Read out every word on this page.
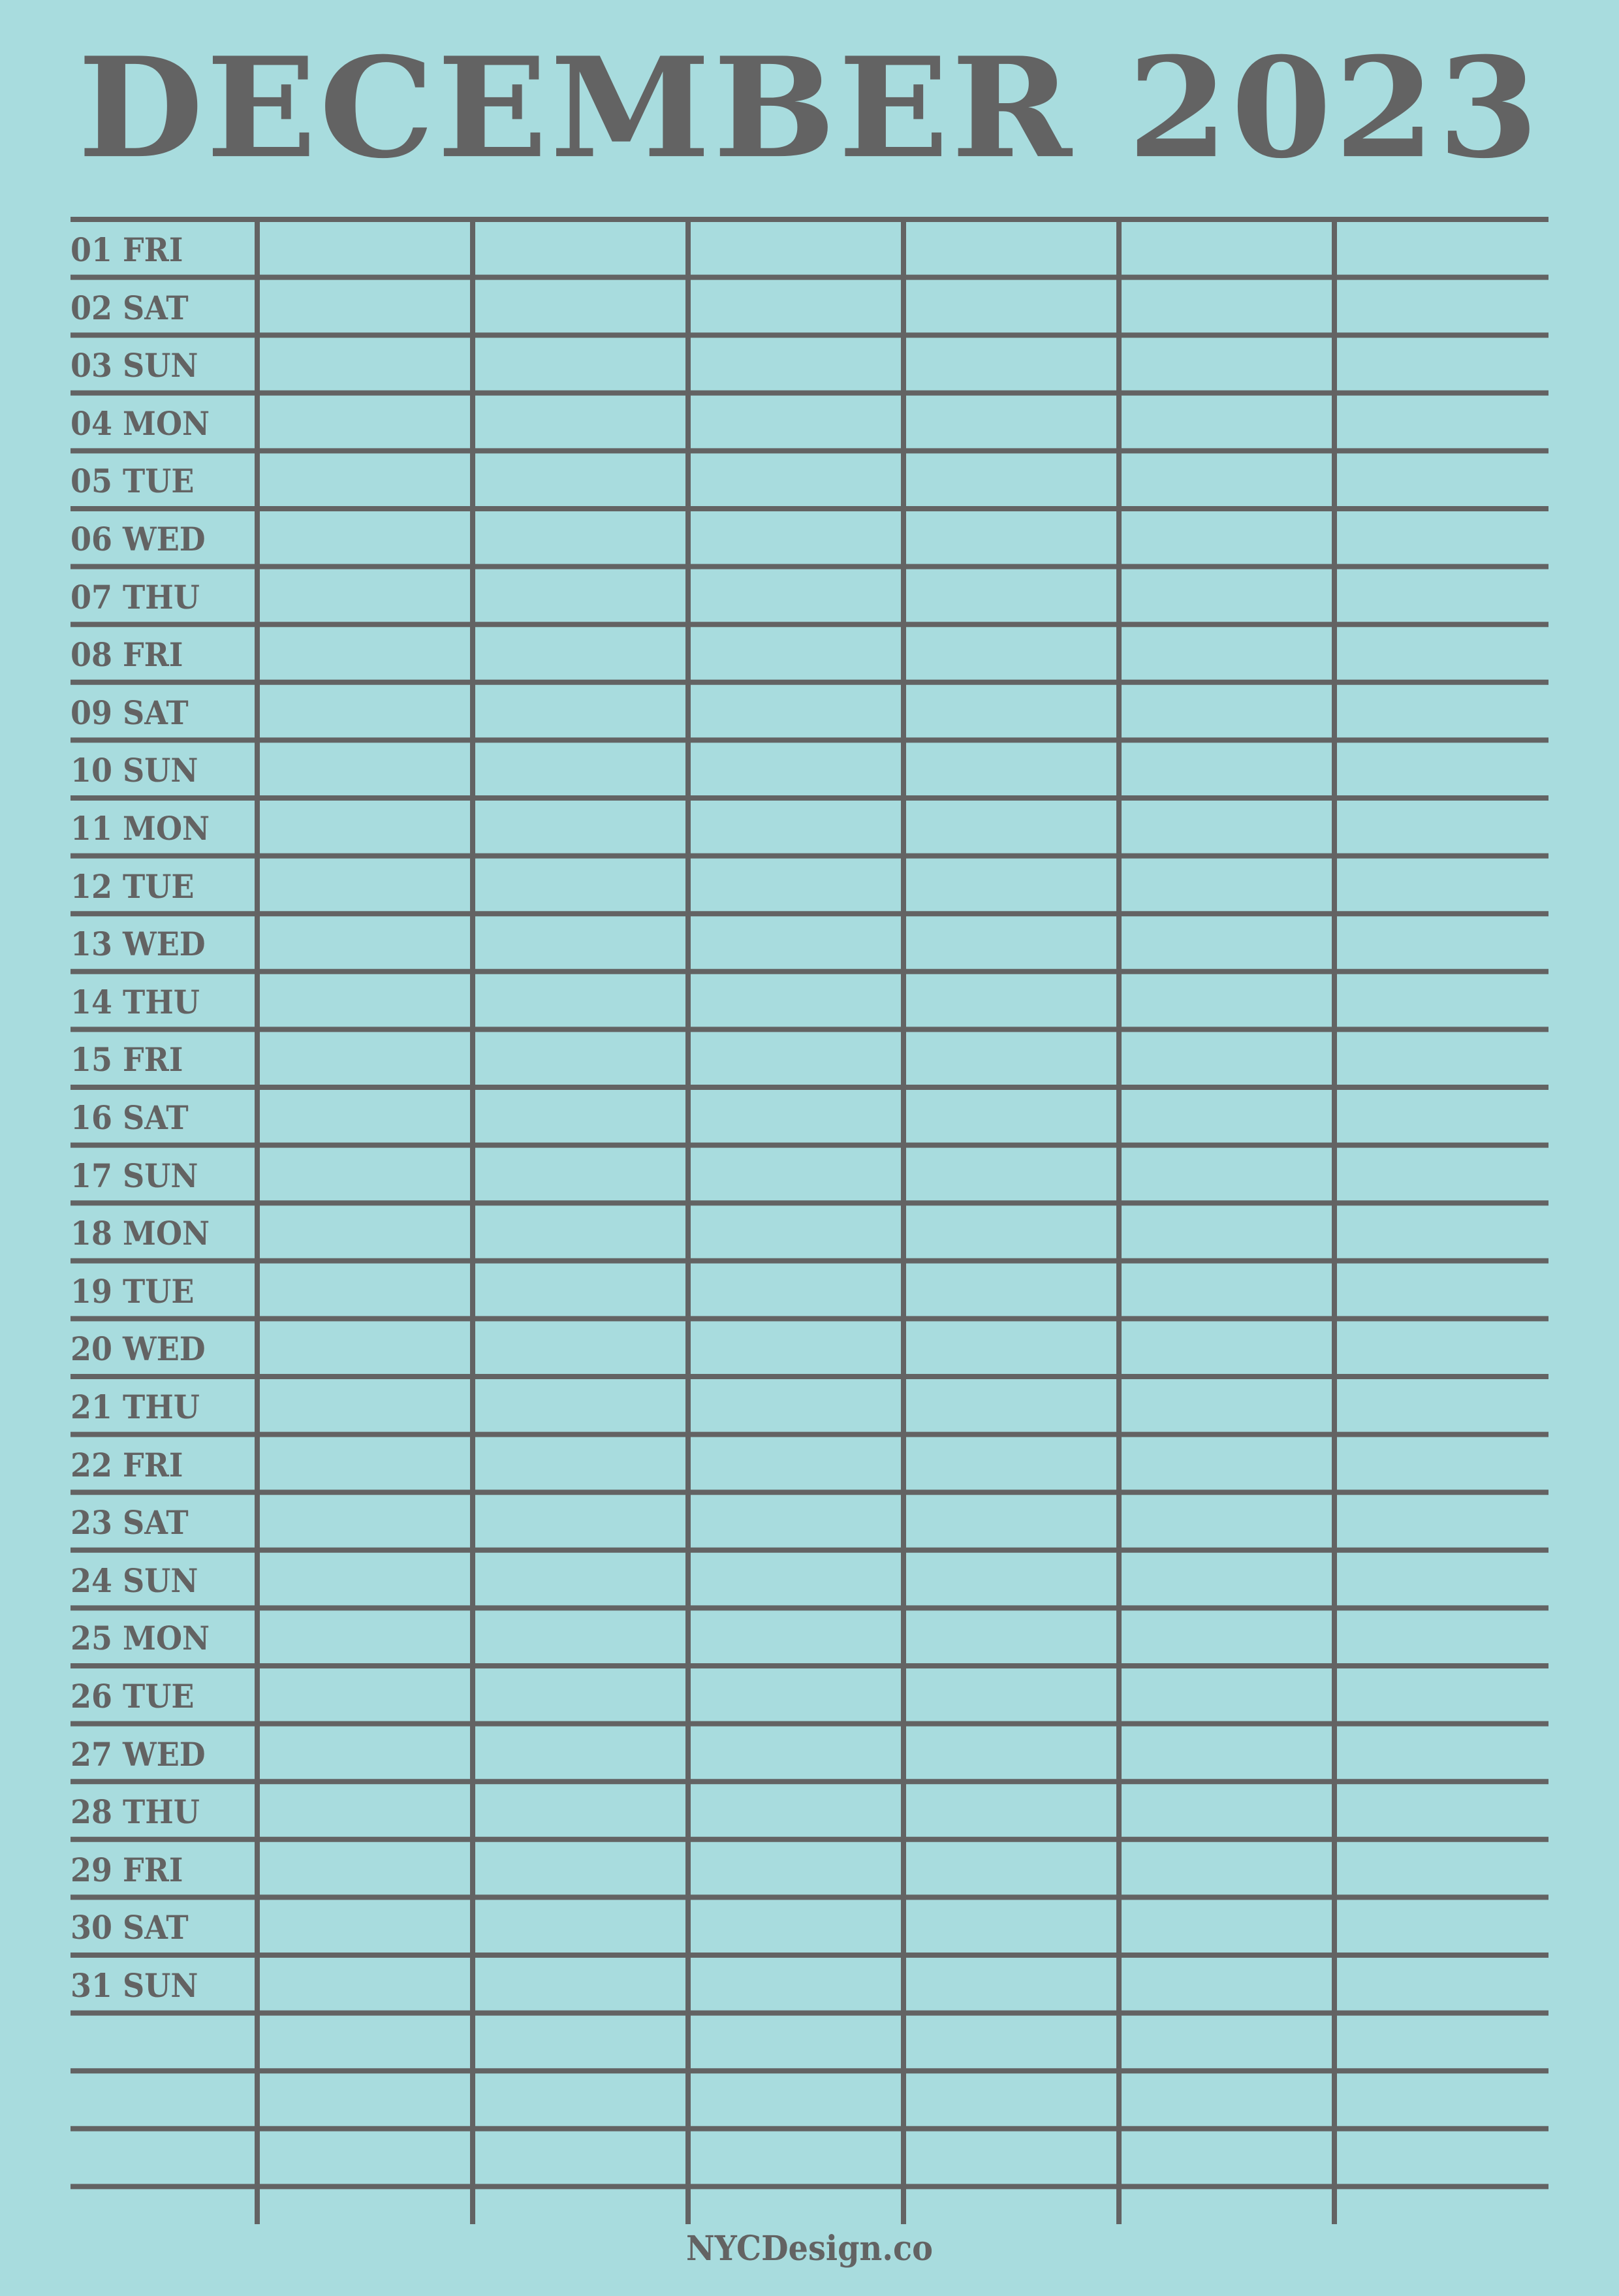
DECEMBER 2023
01 FRI
02 SAT
03 SUN
04 MON
05 TUE
06 WED
07 THU
08 FRI
09 SAT
10 SUN
11 MON
12 TUE
13 WED
14 THU
15 FRI
16 SAT
17 SUN
18 MON
19 TUE
20 WED
21 THU
22 FRI
23 SAT
24 SUN
25 MON
26 TUE
27 WED
28 THU
29 FRI
30 SAT
31 SUN
NYCDesign.co
